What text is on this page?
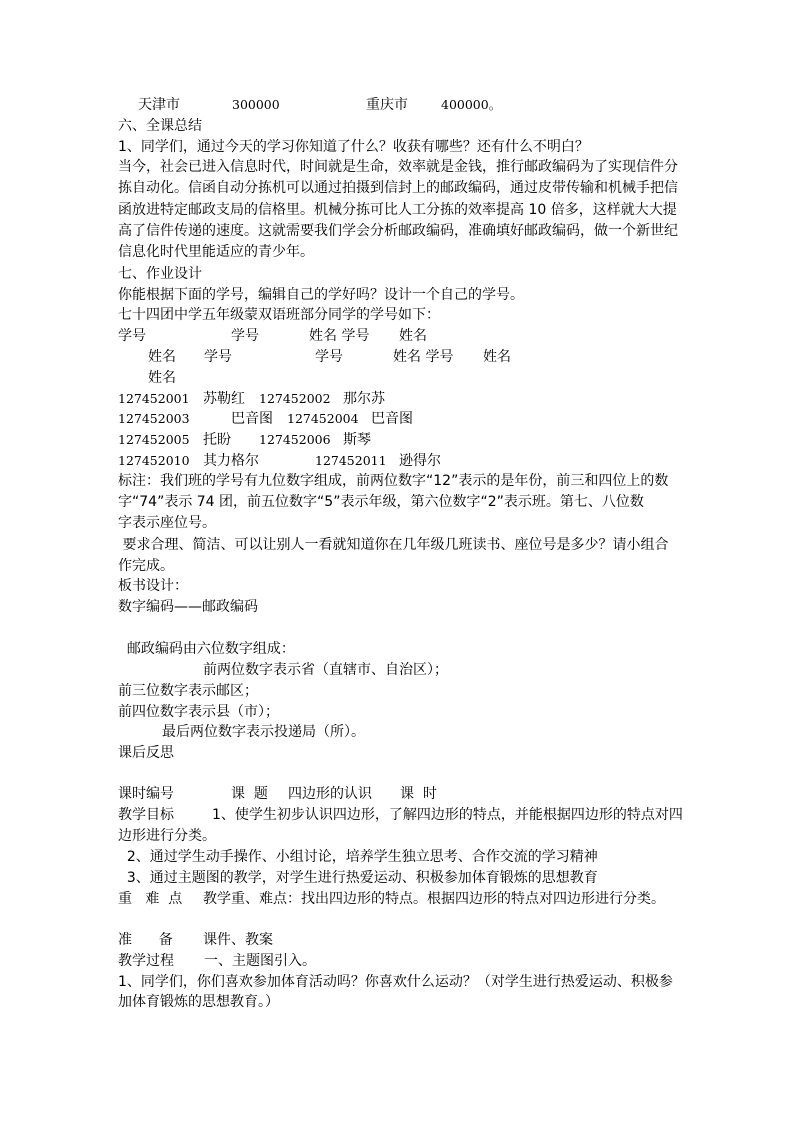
天津市	300000	重庆市	400000。
六、全课总结
1、同学们，通过今天的学习你知道了什么？收获有哪些？还有什么不明白？
当今，社会已进入信息时代，时间就是生命，效率就是金钱，推行邮政编码为了实现信件分
拣自动化。信函自动分拣机可以通过拍摄到信封上的邮政编码，通过皮带传输和机械手把信
函放进特定邮政支局的信格里。机械分拣可比人工分拣的效率提高 10 倍多，这样就大大提
高了信件传递的速度。这就需要我们学会分析邮政编码，准确填好邮政编码，做一个新世纪
信息化时代里能适应的青少年。
七、作业设计
你能根据下面的学号，编辑自己的学好吗？设计一个自己的学号。
七十四团中学五年级蒙双语班部分同学的学号如下：
学号	学号	姓名 学号 姓名
姓名 学号	学号	姓名 学号 姓名
姓名
127452001 苏勒红 127452002 那尔苏
127452003	巴音图 127452004 巴音图
127452005 托盼 127452006 斯琴
127452010 其力格尔	127452011 逊得尔
标注：我们班的学号有九位数字组成，前两位数字“12”表示的是年份，前三和四位上的数
字“74”表示 74 团，前五位数字“5”表示年级，第六位数字“2”表示班。第七、八位数
字表示座位号。
要求合理、简洁、可以让别人一看就知道你在几年级几班读书、座位号是多少？请小组合
作完成。
板书设计：
数字编码——邮政编码
邮政编码由六位数字组成：
前两位数字表示省（直辖市、自治区）；
前三位数字表示邮区；
前四位数字表示县（市）；
最后两位数字表示投递局（所）。
课后反思
课时编号	课  题 四边形的认识 课  时
教学目标	1、使学生初步认识四边形，了解四边形的特点，并能根据四边形的特点对四
边形进行分类。
2、通过学生动手操作、小组讨论，培养学生独立思考、合作交流的学习精神
3、通过主题图的教学，对学生进行热爱运动、积极参加体育锻炼的思想教育
重   难  点 教学重、难点：找出四边形的特点。根据四边形的特点对四边形进行分类。
准      备 课件、教案
教学过程 一、主题图引入。
1、同学们，你们喜欢参加体育活动吗？你喜欢什么运动？（对学生进行热爱运动、积极参
加体育锻炼的思想教育。）
